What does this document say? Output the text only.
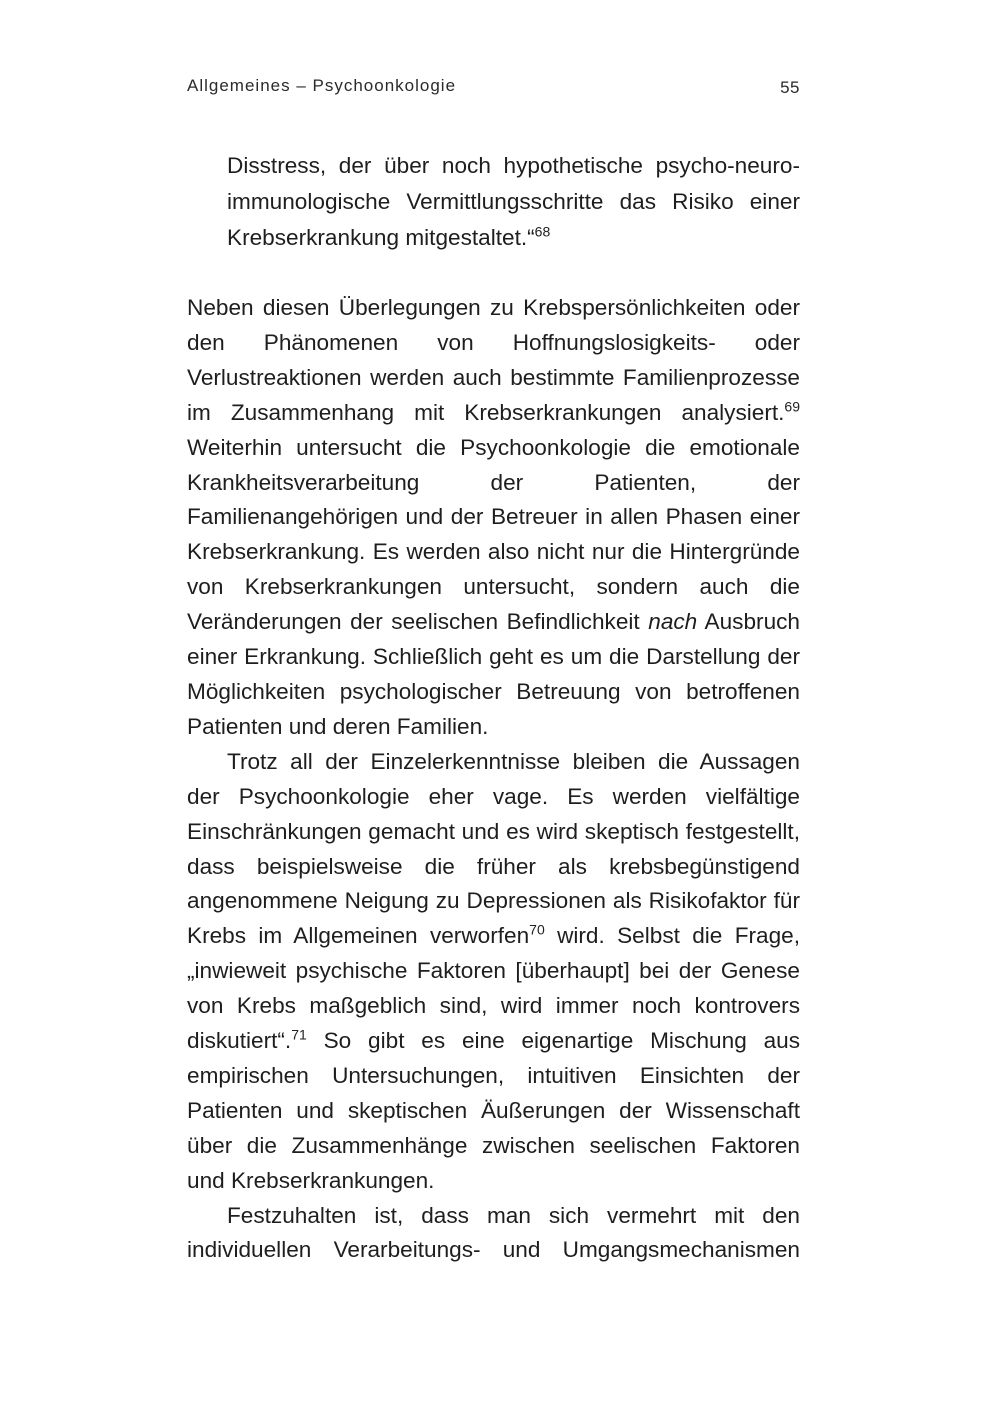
Allgemeines – Psychoonkologie	55

Disstress, der über noch hypothetische psycho-neuro-immunologische Vermittlungsschritte das Risiko einer Krebserkrankung mitgestaltet.“$^{68}$

Neben diesen Überlegungen zu Krebspersönlichkeiten oder den Phänomenen von Hoffnungslosigkeits- oder Verlustreaktionen werden auch bestimmte Familienprozesse im Zusammenhang mit Krebserkrankungen analysiert.$^{69}$ Weiterhin untersucht die Psychoonkologie die emotionale Krankheitsverarbeitung der Patienten, der Familienangehörigen und der Betreuer in allen Phasen einer Krebserkrankung. Es werden also nicht nur die Hintergründe von Krebserkrankungen untersucht, sondern auch die Veränderungen der seelischen Befindlichkeit nach Ausbruch einer Erkrankung. Schließlich geht es um die Darstellung der Möglichkeiten psychologischer Betreuung von betroffenen Patienten und deren Familien.

Trotz all der Einzelerkenntnisse bleiben die Aussagen der Psychoonkologie eher vage. Es werden vielfältige Einschränkungen gemacht und es wird skeptisch festgestellt, dass beispielsweise die früher als krebsbegünstigend angenommene Neigung zu Depressionen als Risikofaktor für Krebs im Allgemeinen verworfen$^{70}$ wird. Selbst die Frage, „inwieweit psychische Faktoren [überhaupt] bei der Genese von Krebs maßgeblich sind, wird immer noch kontrovers diskutiert“.$^{71}$ So gibt es eine eigenartige Mischung aus empirischen Untersuchungen, intuitiven Einsichten der Patienten und skeptischen Äußerungen der Wissenschaft über die Zusammenhänge zwischen seelischen Faktoren und Krebserkrankungen.

Festzuhalten ist, dass man sich vermehrt mit den individuellen Verarbeitungs- und Umgangsmechanismen
